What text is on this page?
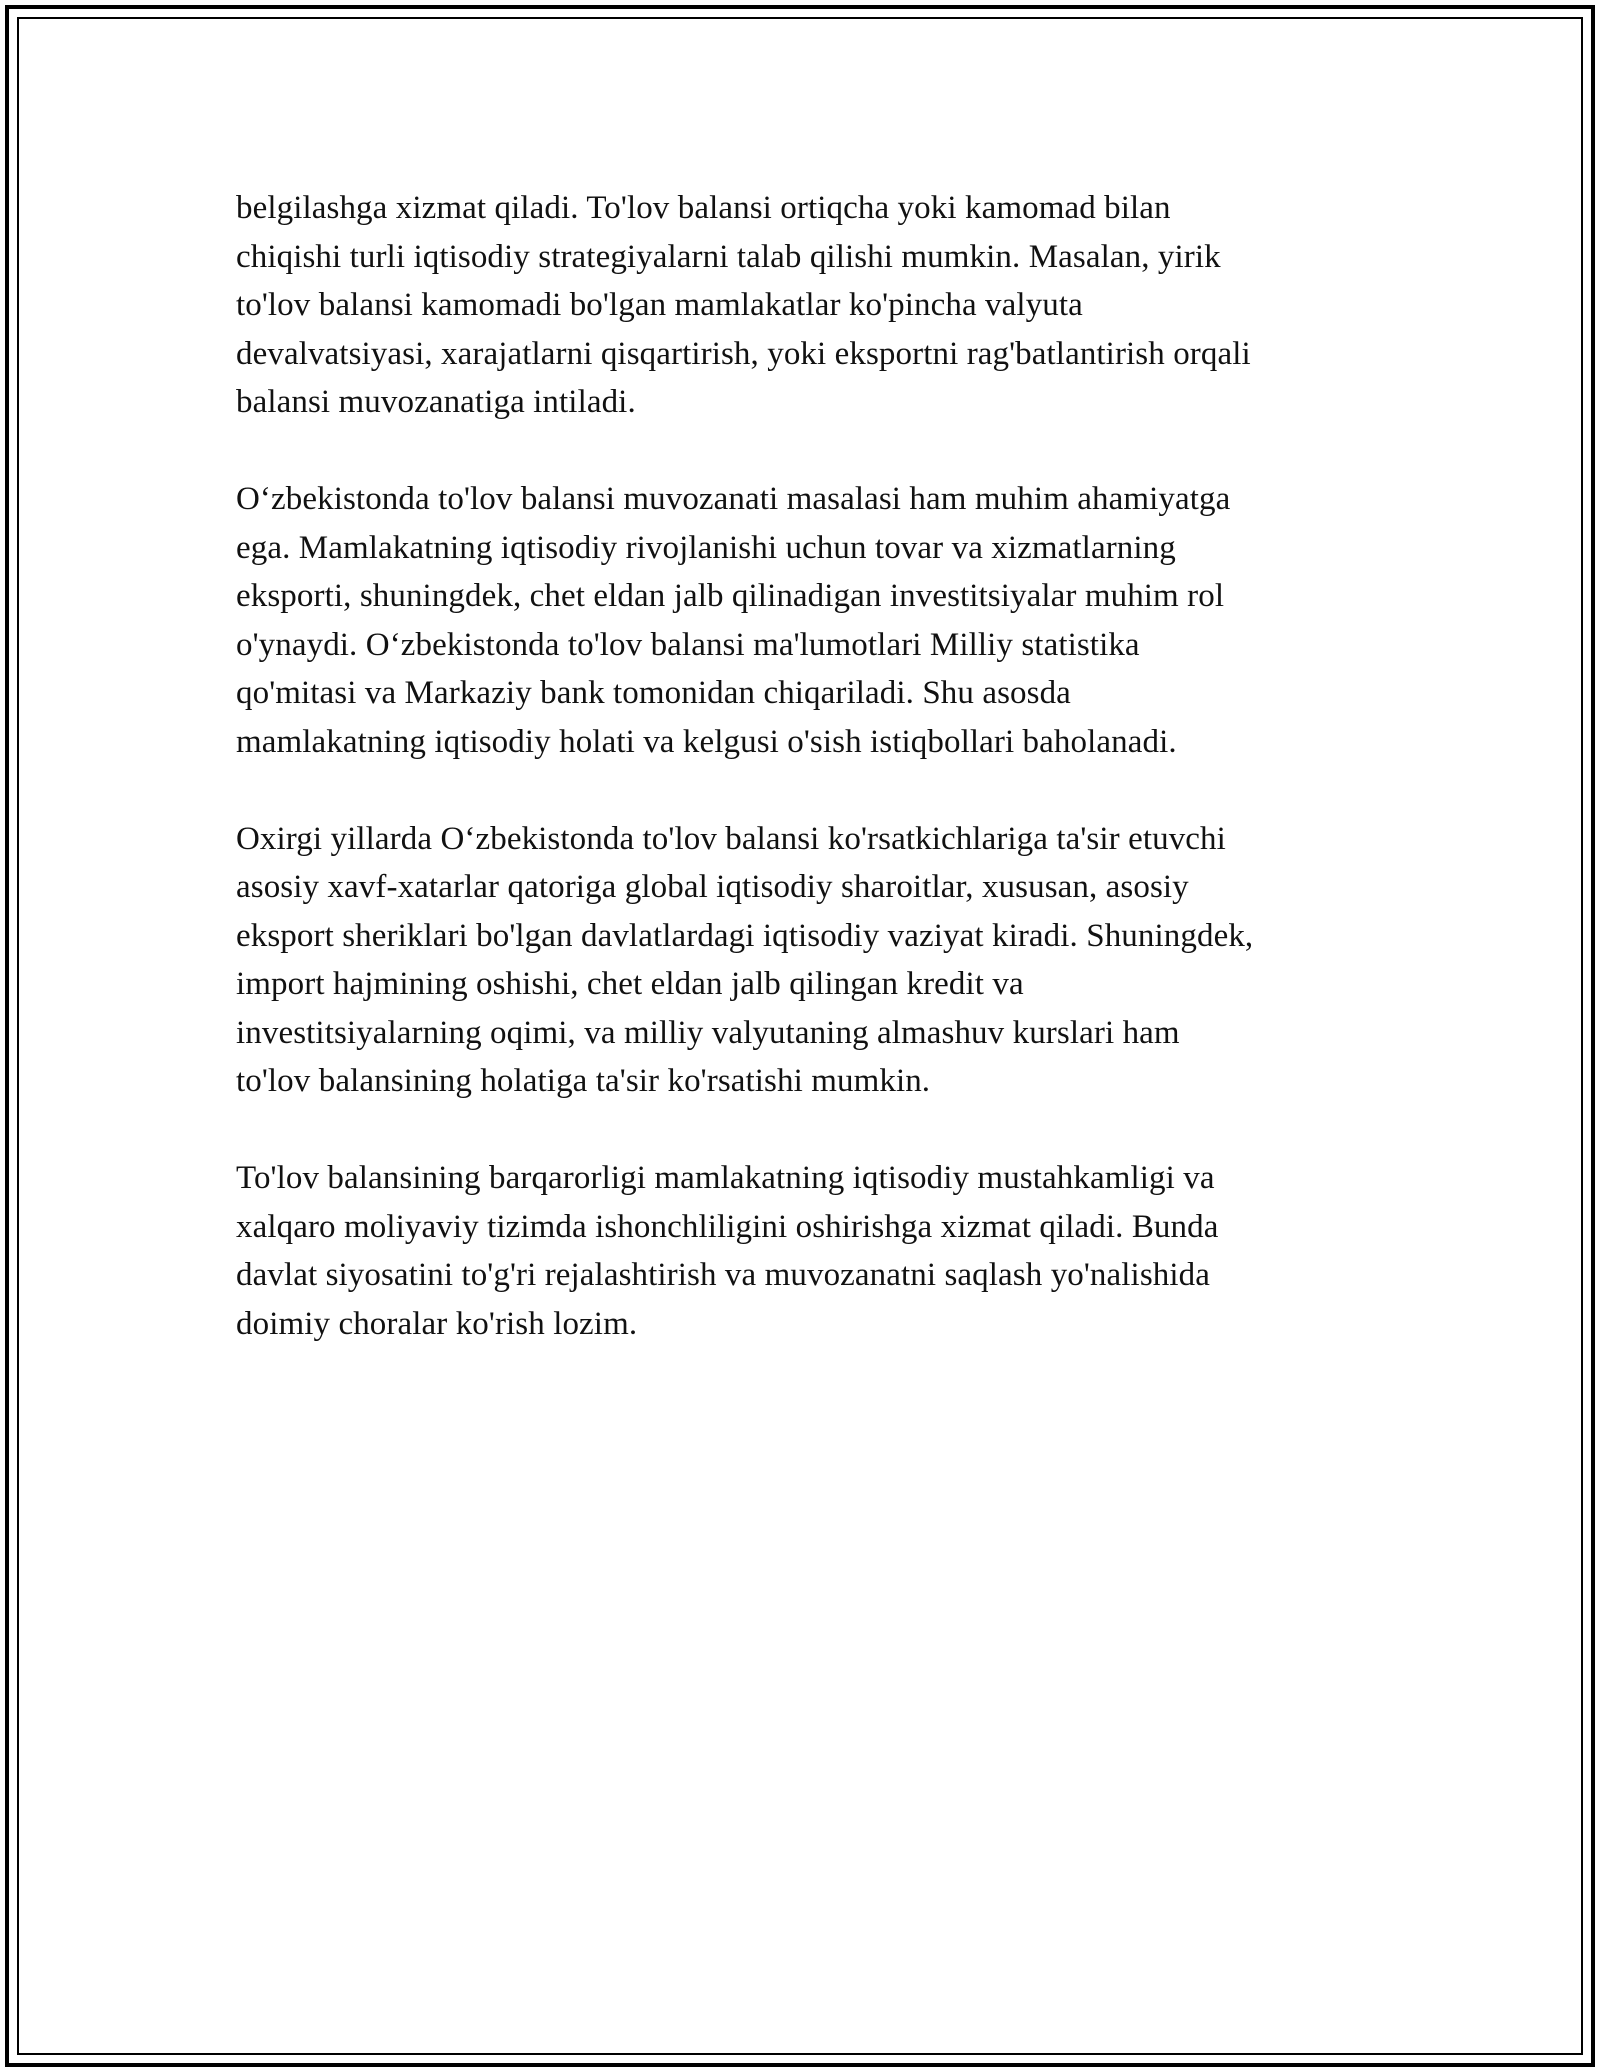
belgilashga xizmat qiladi. To'lov balansi ortiqcha yoki kamomad bilan
chiqishi turli iqtisodiy strategiyalarni talab qilishi mumkin. Masalan, yirik
to'lov balansi kamomadi bo'lgan mamlakatlar ko'pincha valyuta
devalvatsiyasi, xarajatlarni qisqartirish, yoki eksportni rag'batlantirish orqali
balansi muvozanatiga intiladi.

O‘zbekistonda to'lov balansi muvozanati masalasi ham muhim ahamiyatga
ega. Mamlakatning iqtisodiy rivojlanishi uchun tovar va xizmatlarning
eksporti, shuningdek, chet eldan jalb qilinadigan investitsiyalar muhim rol
o'ynaydi. O‘zbekistonda to'lov balansi ma'lumotlari Milliy statistika
qo'mitasi va Markaziy bank tomonidan chiqariladi. Shu asosda
mamlakatning iqtisodiy holati va kelgusi o'sish istiqbollari baholanadi.

Oxirgi yillarda O‘zbekistonda to'lov balansi ko'rsatkichlariga ta'sir etuvchi
asosiy xavf-xatarlar qatoriga global iqtisodiy sharoitlar, xususan, asosiy
eksport sheriklari bo'lgan davlatlardagi iqtisodiy vaziyat kiradi. Shuningdek,
import hajmining oshishi, chet eldan jalb qilingan kredit va
investitsiyalarning oqimi, va milliy valyutaning almashuv kurslari ham
to'lov balansining holatiga ta'sir ko'rsatishi mumkin.

To'lov balansining barqarorligi mamlakatning iqtisodiy mustahkamligi va
xalqaro moliyaviy tizimda ishonchliligini oshirishga xizmat qiladi. Bunda
davlat siyosatini to'g'ri rejalashtirish va muvozanatni saqlash yo'nalishida
doimiy choralar ko'rish lozim.
